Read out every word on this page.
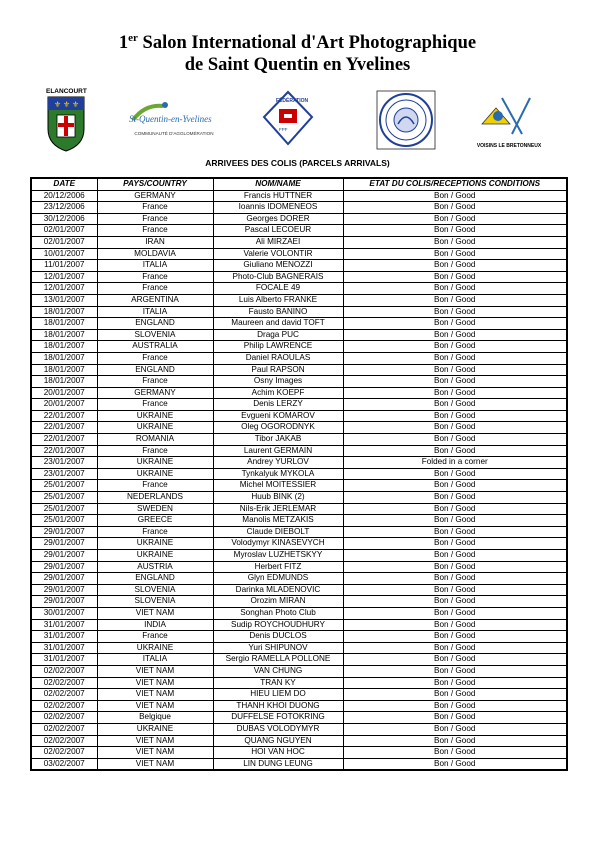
1er Salon International d'Art Photographique
de Saint Quentin en Yvelines
ELANCOURT
⚜ ⚜ ⚜
St-Quentin-en-Yvelines
COMMUNAUTÉ D'AGGLOMÉRATION
FÉDÉRATION
FPF
VOISINS LE BRETONNEUX
ARRIVEES DES COLIS (PARCELS ARRIVALS)
DATE	PAYS/COUNTRY	NOM/NAME	ETAT DU COLIS/RECEPTIONS CONDITIONS
20/12/2006	GERMANY	Francis HUTTNER	Bon / Good
23/12/2006	France	Ioannis IDOMENEOS	Bon / Good
30/12/2006	France	Georges DORER	Bon / Good
02/01/2007	France	Pascal LECOEUR	Bon / Good
02/01/2007	IRAN	Ali MIRZAEI	Bon / Good
10/01/2007	MOLDAVIA	Valerie VOLONTIR	Bon / Good
11/01/2007	ITALIA	Giuliano MENOZZI	Bon / Good
12/01/2007	France	Photo-Club BAGNERAIS	Bon / Good
12/01/2007	France	FOCALE 49	Bon / Good
13/01/2007	ARGENTINA	Luis Alberto FRANKE	Bon / Good
18/01/2007	ITALIA	Fausto BANINO	Bon / Good
18/01/2007	ENGLAND	Maureen and david TOFT	Bon / Good
18/01/2007	SLOVENIA	Draga PUC	Bon / Good
18/01/2007	AUSTRALIA	Philip LAWRENCE	Bon / Good
18/01/2007	France	Daniel RAOULAS	Bon / Good
18/01/2007	ENGLAND	Paul RAPSON	Bon / Good
18/01/2007	France	Osny Images	Bon / Good
20/01/2007	GERMANY	Achim KOEPF	Bon / Good
20/01/2007	France	Denis LERZY	Bon / Good
22/01/2007	UKRAINE	Evgueni KOMAROV	Bon / Good
22/01/2007	UKRAINE	Oleg OGORODNYK	Bon / Good
22/01/2007	ROMANIA	Tibor JAKAB	Bon / Good
22/01/2007	France	Laurent GERMAIN	Bon / Good
23/01/2007	UKRAINE	Andrey YURLOV	Folded in a corner
23/01/2007	UKRAINE	Tynkalyuk MYKOLA	Bon / Good
25/01/2007	France	Michel MOITESSIER	Bon / Good
25/01/2007	NEDERLANDS	Huub BINK (2)	Bon / Good
25/01/2007	SWEDEN	Nils-Erik JERLEMAR	Bon / Good
25/01/2007	GREECE	Manolis METZAKIS	Bon / Good
29/01/2007	France	Claude DIEBOLT	Bon / Good
29/01/2007	UKRAINE	Volodymyr KINASEVYCH	Bon / Good
29/01/2007	UKRAINE	Myroslav LUZHETSKYY	Bon / Good
29/01/2007	AUSTRIA	Herbert FITZ	Bon / Good
29/01/2007	ENGLAND	Glyn EDMUNDS	Bon / Good
29/01/2007	SLOVENIA	Darinka MLADENOVIC	Bon / Good
29/01/2007	SLOVENIA	Orozim MIRAN	Bon / Good
30/01/2007	VIET NAM	Songhan Photo Club	Bon / Good
31/01/2007	INDIA	Sudip ROYCHOUDHURY	Bon / Good
31/01/2007	France	Denis DUCLOS	Bon / Good
31/01/2007	UKRAINE	Yuri SHIPUNOV	Bon / Good
31/01/2007	ITALIA	Sergio RAMELLA POLLONE	Bon / Good
02/02/2007	VIET NAM	VAN CHUNG	Bon / Good
02/02/2007	VIET NAM	TRAN KY	Bon / Good
02/02/2007	VIET NAM	HIEU LIEM DO	Bon / Good
02/02/2007	VIET NAM	THANH KHOI DUONG	Bon / Good
02/02/2007	Belgique	DUFFELSE FOTOKRING	Bon / Good
02/02/2007	UKRAINE	DUBAS VOLODYMYR	Bon / Good
02/02/2007	VIET NAM	QUANG NGUYEN	Bon / Good
02/02/2007	VIET NAM	HOI VAN HOC	Bon / Good
03/02/2007	VIET NAM	LIN DUNG LEUNG	Bon / Good
